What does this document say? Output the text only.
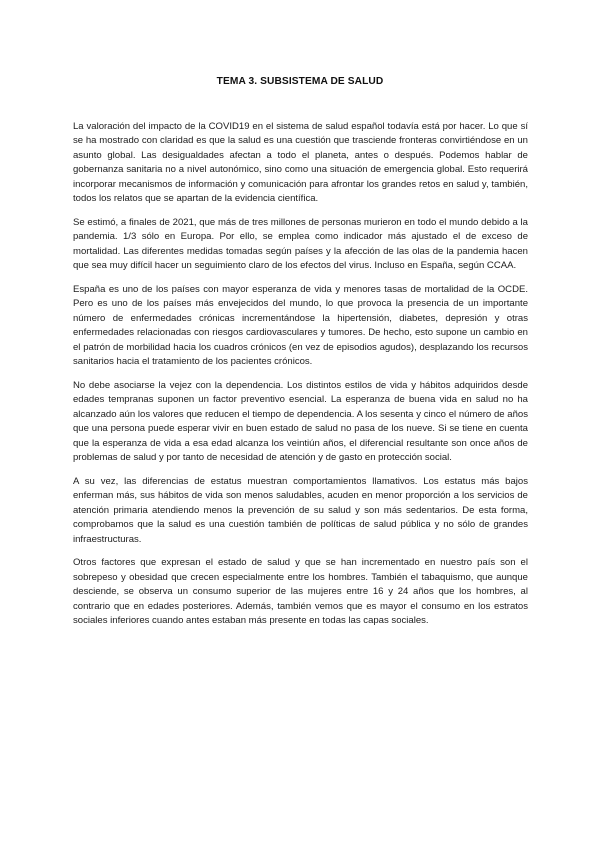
TEMA 3. SUBSISTEMA DE SALUD

La valoración del impacto de la COVID19 en el sistema de salud español todavía está por hacer. Lo que sí se ha mostrado con claridad es que la salud es una cuestión que trasciende fronteras convirtiéndose en un asunto global. Las desigualdades afectan a todo el planeta, antes o después. Podemos hablar de gobernanza sanitaria no a nivel autonómico, sino como una situación de emergencia global. Esto requerirá incorporar mecanismos de información y comunicación para afrontar los grandes retos en salud y, también, todos los relatos que se apartan de la evidencia científica.

Se estimó, a finales de 2021, que más de tres millones de personas murieron en todo el mundo debido a la pandemia. 1/3 sólo en Europa. Por ello, se emplea como indicador más ajustado el de exceso de mortalidad. Las diferentes medidas tomadas según países y la afección de las olas de la pandemia hacen que sea muy difícil hacer un seguimiento claro de los efectos del virus. Incluso en España, según CCAA.

España es uno de los países con mayor esperanza de vida y menores tasas de mortalidad de la OCDE. Pero es uno de los países más envejecidos del mundo, lo que provoca la presencia de un importante número de enfermedades crónicas incrementándose la hipertensión, diabetes, depresión y otras enfermedades relacionadas con riesgos cardiovasculares y tumores. De hecho, esto supone un cambio en el patrón de morbilidad hacia los cuadros crónicos (en vez de episodios agudos), desplazando los recursos sanitarios hacia el tratamiento de los pacientes crónicos.

No debe asociarse la vejez con la dependencia. Los distintos estilos de vida y hábitos adquiridos desde edades tempranas suponen un factor preventivo esencial. La esperanza de buena vida en salud no ha alcanzado aún los valores que reducen el tiempo de dependencia. A los sesenta y cinco el número de años que una persona puede esperar vivir en buen estado de salud no pasa de los nueve. Si se tiene en cuenta que la esperanza de vida a esa edad alcanza los veintiún años, el diferencial resultante son once años de problemas de salud y por tanto de necesidad de atención y de gasto en protección social.

A su vez, las diferencias de estatus muestran comportamientos llamativos. Los estatus más bajos enferman más, sus hábitos de vida son menos saludables, acuden en menor proporción a los servicios de atención primaria atendiendo menos la prevención de su salud y son más sedentarios. De esta forma, comprobamos que la salud es una cuestión también de políticas de salud pública y no sólo de grandes infraestructuras.

Otros factores que expresan el estado de salud y que se han incrementado en nuestro país son el sobrepeso y obesidad que crecen especialmente entre los hombres. También el tabaquismo, que aunque desciende, se observa un consumo superior de las mujeres entre 16 y 24 años que los hombres, al contrario que en edades posteriores. Además, también vemos que es mayor el consumo en los estratos sociales inferiores cuando antes estaban más presente en todas las capas sociales.
